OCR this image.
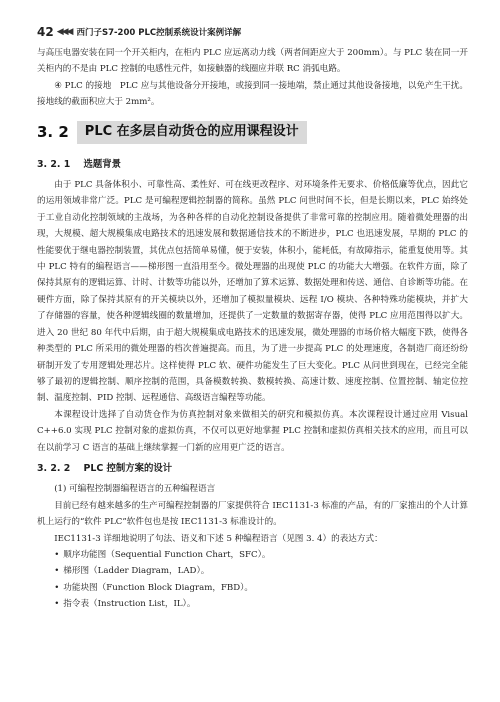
42 ◀◀◀ 西门子S7-200 PLC控制系统设计案例详解

与高压电器安装在同一个开关柜内，在柜内 PLC 应远离动力线（两者间距应大于 200mm）。与 PLC 装在同一开关柜内的不是由 PLC 控制的电感性元件，如接触器的线圈应并联 RC 消弧电路。

④ PLC 的接地　PLC 应与其他设备分开接地，或接到同一接地端，禁止通过其他设备接地，以免产生干扰。接地线的截面积应大于 2mm²。

3. 2	PLC 在多层自动货仓的应用课程设计
3. 2. 1 选题背景

由于 PLC 具备体积小、可靠性高、柔性好、可在线更改程序、对环境条件无要求、价格低廉等优点，因此它的运用领域非常广泛。PLC 是可编程逻辑控制器的简称。虽然 PLC 问世时间不长，但是长期以来，PLC 始终处于工业自动化控制领域的主战场，为各种各样的自动化控制设备提供了非常可靠的控制应用。随着微处理器的出现，大规模、超大规模集成电路技术的迅速发展和数据通信技术的不断进步，PLC 也迅速发展，早期的 PLC 的性能要优于继电器控制装置，其优点包括简单易懂，便于安装，体积小，能耗低，有故障指示，能重复使用等。其中 PLC 特有的编程语言——梯形图一直沿用至今。微处理器的出现使 PLC 的功能大大增强。在软件方面，除了保持其原有的逻辑运算、计时、计数等功能以外，还增加了算术运算、数据处理和传送、通信、自诊断等功能。在硬件方面，除了保持其原有的开关模块以外，还增加了模拟量模块、远程 I/O 模块、各种特殊功能模块，并扩大了存储器的容量，使各种逻辑线圈的数量增加，还提供了一定数量的数据寄存器，使得 PLC 应用范围得以扩大。进入 20 世纪 80 年代中后期，由于超大规模集成电路技术的迅速发展，微处理器的市场价格大幅度下跌，使得各种类型的 PLC 所采用的微处理器的档次普遍提高。而且，为了进一步提高 PLC 的处理速度，各制造厂商还纷纷研制开发了专用逻辑处理芯片。这样使得 PLC 软、硬件功能发生了巨大变化。PLC 从问世到现在，已经完全能够了最初的逻辑控制、顺序控制的范围，具备模数转换、数模转换、高速计数、速度控制、位置控制、轴定位控制、温度控制、PID 控制、远程通信、高级语言编程等功能。

本课程设计选择了自动货仓作为仿真控制对象来做相关的研究和模拟仿真。本次课程设计通过应用 Visual C++6.0 实现 PLC 控制对象的虚拟仿真，不仅可以更好地掌握 PLC 控制和虚拟仿真相关技术的应用，而且可以在以前学习 C 语言的基础上继续掌握一门新的应用更广泛的语言。

3. 2. 2 PLC 控制方案的设计

(1) 可编程控制器编程语言的五种编程语言

目前已经有越来越多的生产可编程控制器的厂家提供符合 IEC1131-3 标准的产品，有的厂家推出的个人计算机上运行的“软件 PLC”软件包也是按 IEC1131-3 标准设计的。

IEC1131-3 详细地说明了句法、语义和下述 5 种编程语言（见图 3. 4）的表达方式：

• 顺序功能图（Sequential Function Chart，SFC）。
• 梯形图（Ladder Diagram，LAD）。
• 功能块图（Function Block Diagram，FBD）。
• 指令表（Instruction List，IL）。
